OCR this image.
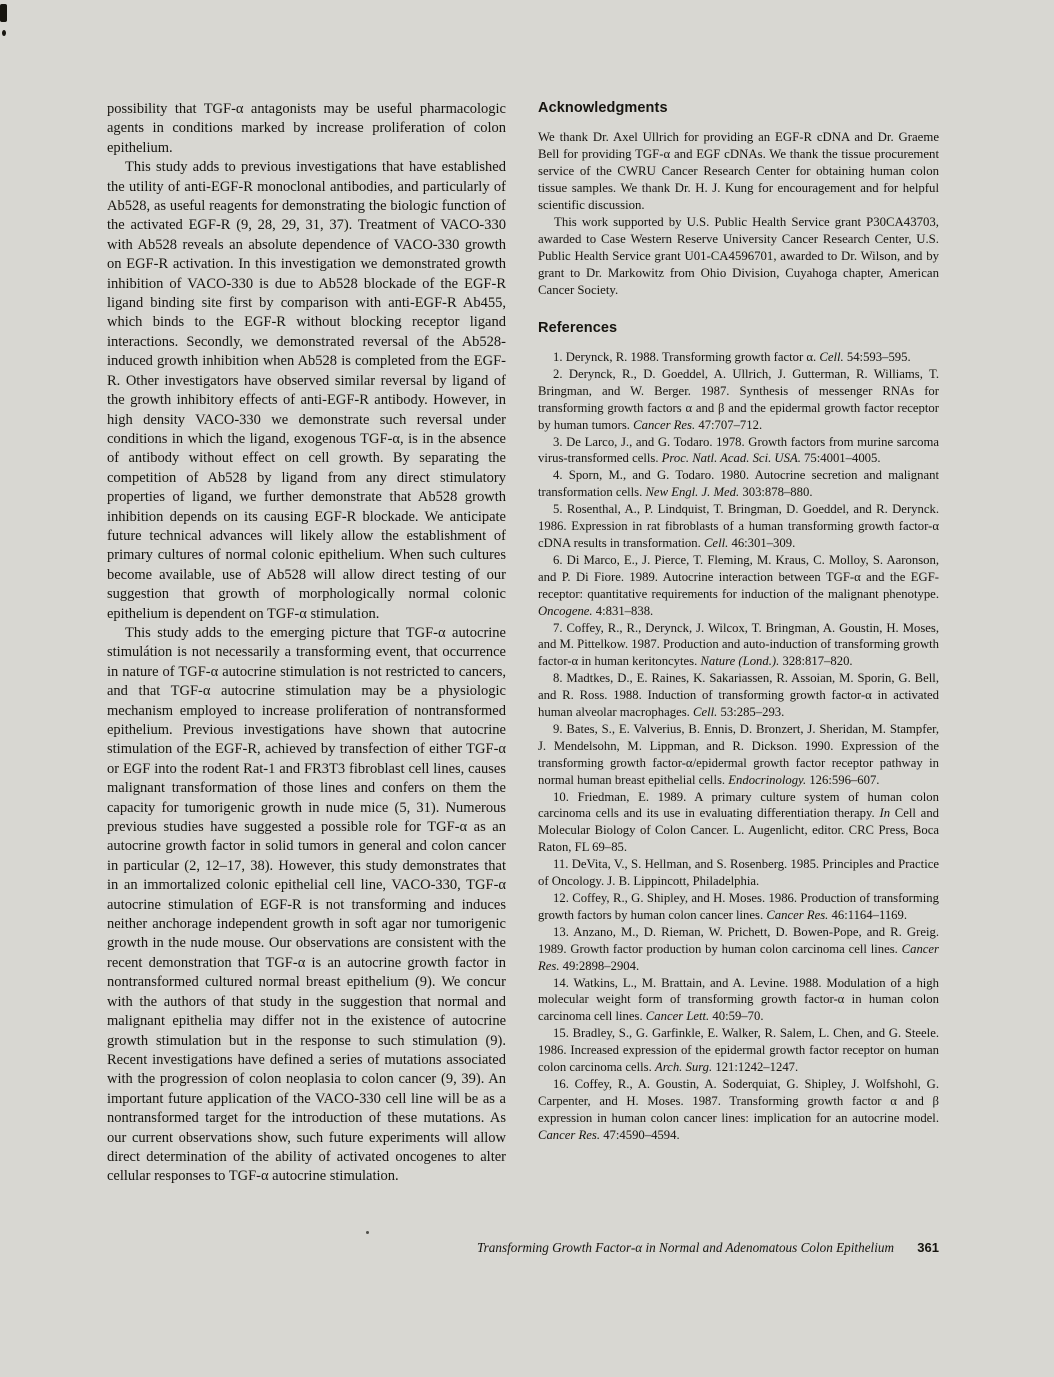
possibility that TGF-α antagonists may be useful pharmacologic agents in conditions marked by increase proliferation of colon epithelium.

This study adds to previous investigations that have established the utility of anti-EGF-R monoclonal antibodies, and particularly of Ab528, as useful reagents for demonstrating the biologic function of the activated EGF-R (9, 28, 29, 31, 37). Treatment of VACO-330 with Ab528 reveals an absolute dependence of VACO-330 growth on EGF-R activation. In this investigation we demonstrated growth inhibition of VACO-330 is due to Ab528 blockade of the EGF-R ligand binding site first by comparison with anti-EGF-R Ab455, which binds to the EGF-R without blocking receptor ligand interactions. Secondly, we demonstrated reversal of the Ab528-induced growth inhibition when Ab528 is completed from the EGF-R. Other investigators have observed similar reversal by ligand of the growth inhibitory effects of anti-EGF-R antibody. However, in high density VACO-330 we demonstrate such reversal under conditions in which the ligand, exogenous TGF-α, is in the absence of antibody without effect on cell growth. By separating the competition of Ab528 by ligand from any direct stimulatory properties of ligand, we further demonstrate that Ab528 growth inhibition depends on its causing EGF-R blockade. We anticipate future technical advances will likely allow the establishment of primary cultures of normal colonic epithelium. When such cultures become available, use of Ab528 will allow direct testing of our suggestion that growth of morphologically normal colonic epithelium is dependent on TGF-α stimulation.

This study adds to the emerging picture that TGF-α autocrine stimulátion is not necessarily a transforming event, that occurrence in nature of TGF-α autocrine stimulation is not restricted to cancers, and that TGF-α autocrine stimulation may be a physiologic mechanism employed to increase proliferation of nontransformed epithelium. Previous investigations have shown that autocrine stimulation of the EGF-R, achieved by transfection of either TGF-α or EGF into the rodent Rat-1 and FR3T3 fibroblast cell lines, causes malignant transformation of those lines and confers on them the capacity for tumorigenic growth in nude mice (5, 31). Numerous previous studies have suggested a possible role for TGF-α as an autocrine growth factor in solid tumors in general and colon cancer in particular (2, 12–17, 38). However, this study demonstrates that in an immortalized colonic epithelial cell line, VACO-330, TGF-α autocrine stimulation of EGF-R is not transforming and induces neither anchorage independent growth in soft agar nor tumorigenic growth in the nude mouse. Our observations are consistent with the recent demonstration that TGF-α is an autocrine growth factor in nontransformed cultured normal breast epithelium (9). We concur with the authors of that study in the suggestion that normal and malignant epithelia may differ not in the existence of autocrine growth stimulation but in the response to such stimulation (9). Recent investigations have defined a series of mutations associated with the progression of colon neoplasia to colon cancer (9, 39). An important future application of the VACO-330 cell line will be as a nontransformed target for the introduction of these mutations. As our current observations show, such future experiments will allow direct determination of the ability of activated oncogenes to alter cellular responses to TGF-α autocrine stimulation.

Acknowledgments

We thank Dr. Axel Ullrich for providing an EGF-R cDNA and Dr. Graeme Bell for providing TGF-α and EGF cDNAs. We thank the tissue procurement service of the CWRU Cancer Research Center for obtaining human colon tissue samples. We thank Dr. H. J. Kung for encouragement and for helpful scientific discussion.

This work supported by U.S. Public Health Service grant P30CA43703, awarded to Case Western Reserve University Cancer Research Center, U.S. Public Health Service grant U01-CA4596701, awarded to Dr. Wilson, and by grant to Dr. Markowitz from Ohio Division, Cuyahoga chapter, American Cancer Society.

References

1. Derynck, R. 1988. Transforming growth factor α. Cell. 54:593–595.

2. Derynck, R., D. Goeddel, A. Ullrich, J. Gutterman, R. Williams, T. Bringman, and W. Berger. 1987. Synthesis of messenger RNAs for transforming growth factors α and β and the epidermal growth factor receptor by human tumors. Cancer Res. 47:707–712.

3. De Larco, J., and G. Todaro. 1978. Growth factors from murine sarcoma virus-transformed cells. Proc. Natl. Acad. Sci. USA. 75:4001–4005.

4. Sporn, M., and G. Todaro. 1980. Autocrine secretion and malignant transformation cells. New Engl. J. Med. 303:878–880.

5. Rosenthal, A., P. Lindquist, T. Bringman, D. Goeddel, and R. Derynck. 1986. Expression in rat fibroblasts of a human transforming growth factor-α cDNA results in transformation. Cell. 46:301–309.

6. Di Marco, E., J. Pierce, T. Fleming, M. Kraus, C. Molloy, S. Aaronson, and P. Di Fiore. 1989. Autocrine interaction between TGF-α and the EGF-receptor: quantitative requirements for induction of the malignant phenotype. Oncogene. 4:831–838.

7. Coffey, R., R., Derynck, J. Wilcox, T. Bringman, A. Goustin, H. Moses, and M. Pittelkow. 1987. Production and auto-induction of transforming growth factor-α in human keritoncytes. Nature (Lond.). 328:817–820.

8. Madtkes, D., E. Raines, K. Sakariassen, R. Assoian, M. Sporin, G. Bell, and R. Ross. 1988. Induction of transforming growth factor-α in activated human alveolar macrophages. Cell. 53:285–293.

9. Bates, S., E. Valverius, B. Ennis, D. Bronzert, J. Sheridan, M. Stampfer, J. Mendelsohn, M. Lippman, and R. Dickson. 1990. Expression of the transforming growth factor-α/epidermal growth factor receptor pathway in normal human breast epithelial cells. Endocrinology. 126:596–607.

10. Friedman, E. 1989. A primary culture system of human colon carcinoma cells and its use in evaluating differentiation therapy. In Cell and Molecular Biology of Colon Cancer. L. Augenlicht, editor. CRC Press, Boca Raton, FL 69–85.

11. DeVita, V., S. Hellman, and S. Rosenberg. 1985. Principles and Practice of Oncology. J. B. Lippincott, Philadelphia.

12. Coffey, R., G. Shipley, and H. Moses. 1986. Production of transforming growth factors by human colon cancer lines. Cancer Res. 46:1164–1169.

13. Anzano, M., D. Rieman, W. Prichett, D. Bowen-Pope, and R. Greig. 1989. Growth factor production by human colon carcinoma cell lines. Cancer Res. 49:2898–2904.

14. Watkins, L., M. Brattain, and A. Levine. 1988. Modulation of a high molecular weight form of transforming growth factor-α in human colon carcinoma cell lines. Cancer Lett. 40:59–70.

15. Bradley, S., G. Garfinkle, E. Walker, R. Salem, L. Chen, and G. Steele. 1986. Increased expression of the epidermal growth factor receptor on human colon carcinoma cells. Arch. Surg. 121:1242–1247.

16. Coffey, R., A. Goustin, A. Soderquiat, G. Shipley, J. Wolfshohl, G. Carpenter, and H. Moses. 1987. Transforming growth factor α and β expression in human colon cancer lines: implication for an autocrine model. Cancer Res. 47:4590–4594.

Transforming Growth Factor-α in Normal and Adenomatous Colon Epithelium 361
